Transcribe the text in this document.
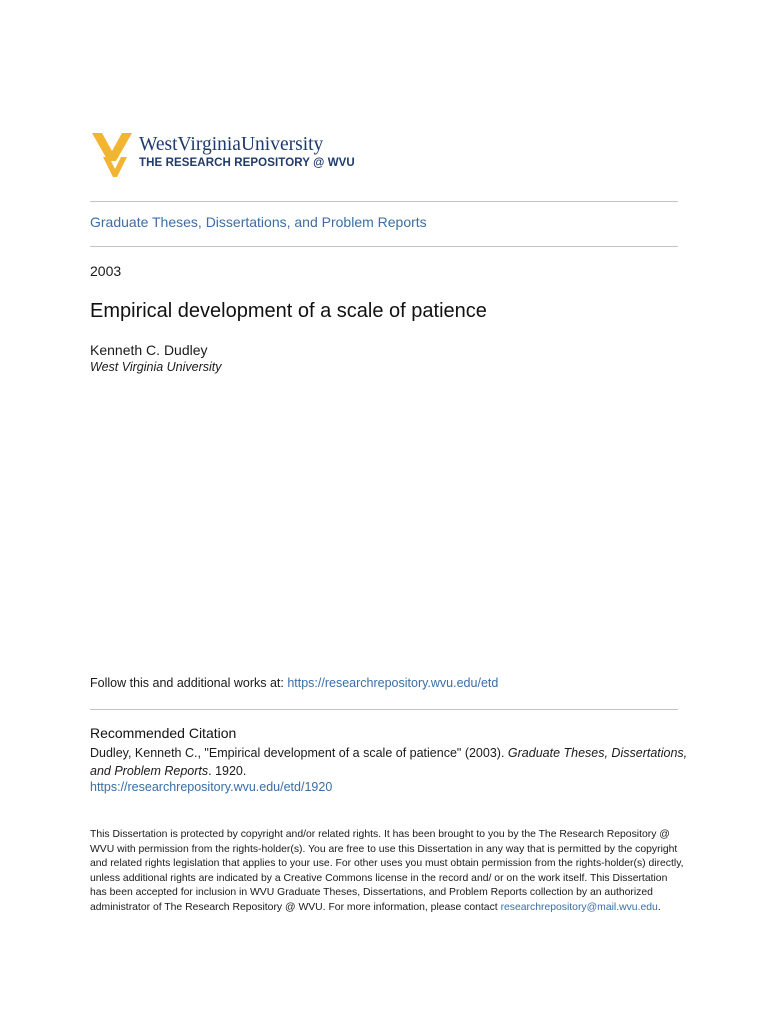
WestVirginiaUniversity
THE RESEARCH REPOSITORY @ WVU
Graduate Theses, Dissertations, and Problem Reports
2003
Empirical development of a scale of patience
Kenneth C. Dudley
West Virginia University
Follow this and additional works at: https://researchrepository.wvu.edu/etd
Recommended Citation
Dudley, Kenneth C., "Empirical development of a scale of patience" (2003). Graduate Theses, Dissertations, and Problem Reports. 1920.
https://researchrepository.wvu.edu/etd/1920
This Dissertation is protected by copyright and/or related rights. It has been brought to you by the The Research Repository @ WVU with permission from the rights-holder(s). You are free to use this Dissertation in any way that is permitted by the copyright and related rights legislation that applies to your use. For other uses you must obtain permission from the rights-holder(s) directly, unless additional rights are indicated by a Creative Commons license in the record and/ or on the work itself. This Dissertation has been accepted for inclusion in WVU Graduate Theses, Dissertations, and Problem Reports collection by an authorized administrator of The Research Repository @ WVU. For more information, please contact researchrepository@mail.wvu.edu.
